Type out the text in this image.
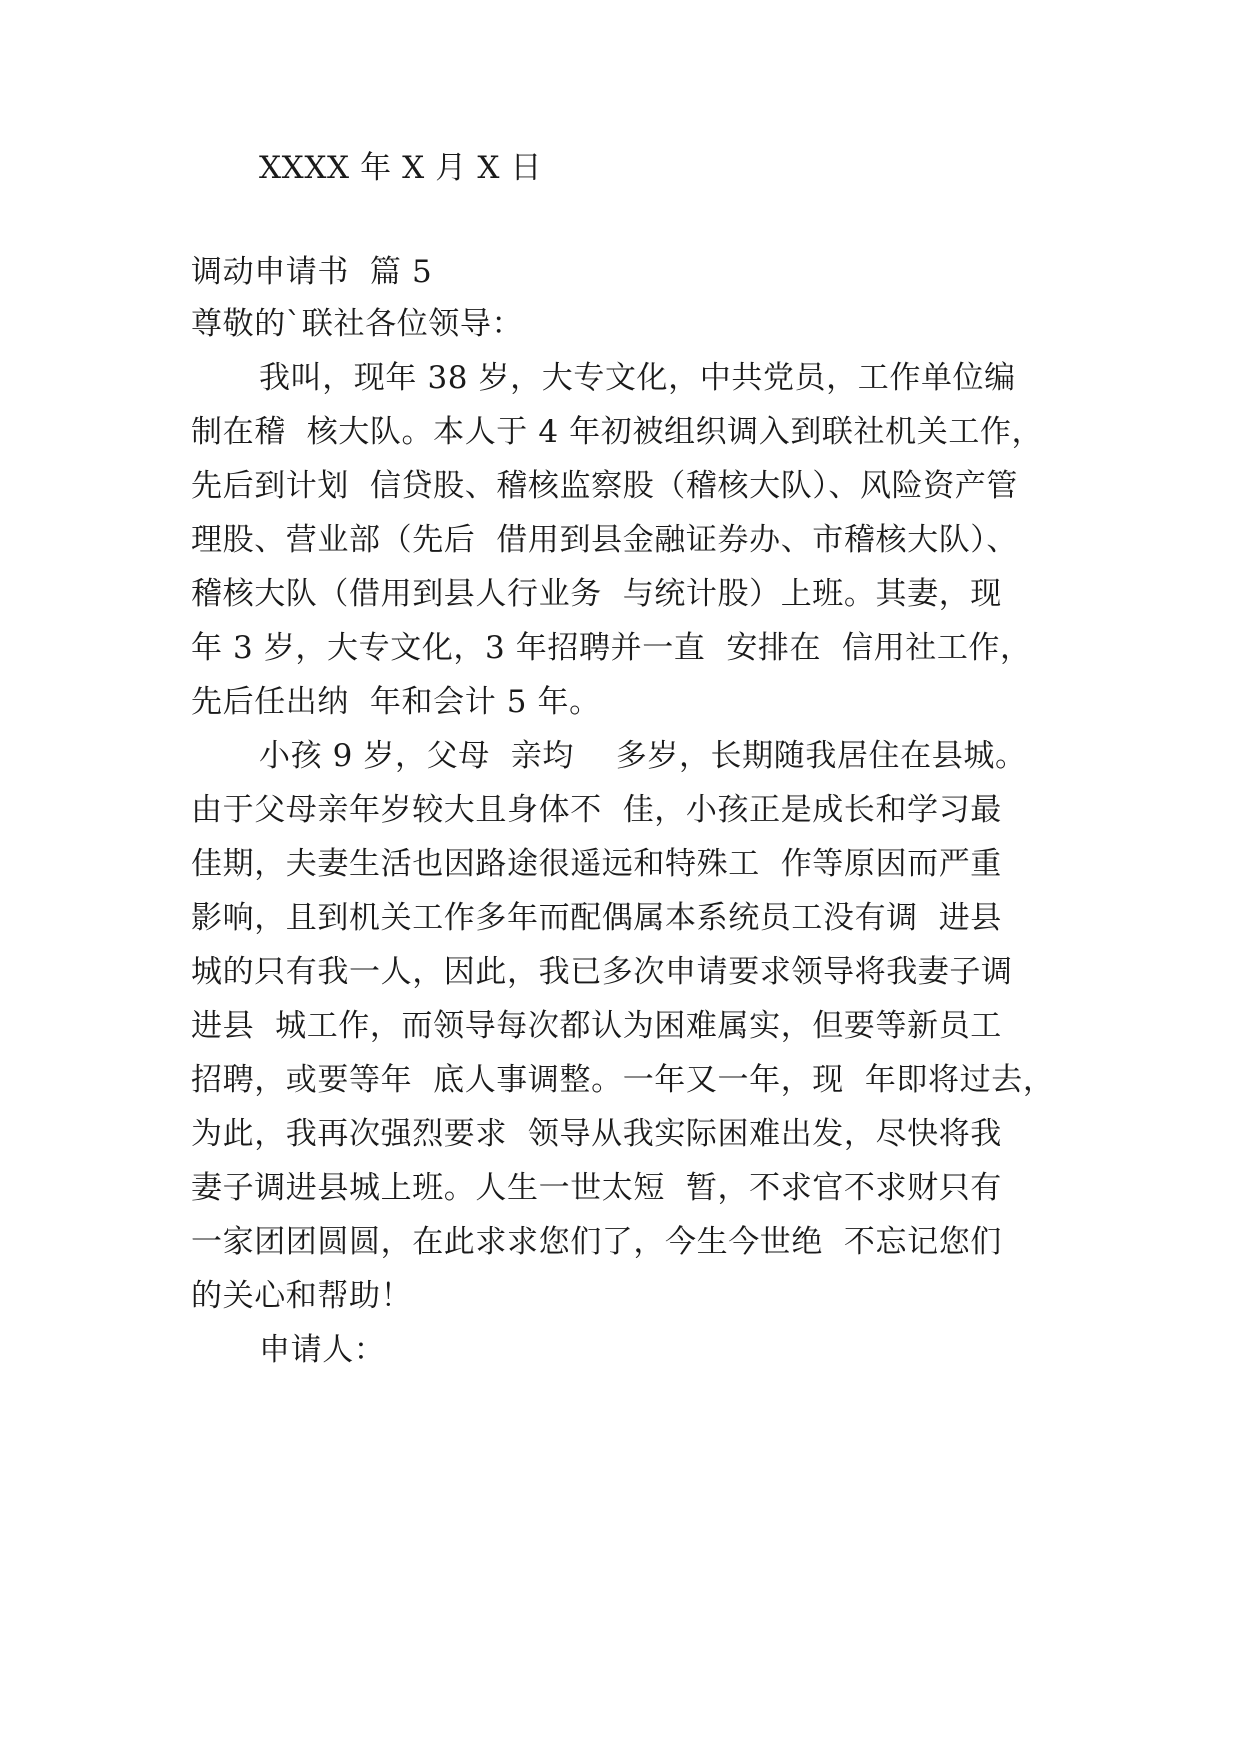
XXXX 年 X 月 X 日
调动申请书  篇 5
尊敬的`联社各位领导：
我叫，现年 38 岁，大专文化，中共党员，工作单位编
制在稽  核大队。本人于 4 年初被组织调入到联社机关工作，
先后到计划  信贷股、稽核监察股（稽核大队）、风险资产管
理股、营业部（先后  借用到县金融证券办、市稽核大队）、
稽核大队（借用到县人行业务  与统计股）上班。其妻，现
年 3 岁，大专文化，3 年招聘并一直  安排在  信用社工作，
先后任出纳  年和会计 5 年。
小孩 9 岁，父母  亲均    多岁，长期随我居住在县城。
由于父母亲年岁较大且身体不  佳，小孩正是成长和学习最
佳期，夫妻生活也因路途很遥远和特殊工  作等原因而严重
影响，且到机关工作多年而配偶属本系统员工没有调  进县
城的只有我一人，因此，我已多次申请要求领导将我妻子调
进县  城工作，而领导每次都认为困难属实，但要等新员工
招聘，或要等年  底人事调整。一年又一年，现  年即将过去，
为此，我再次强烈要求  领导从我实际困难出发，尽快将我
妻子调进县城上班。人生一世太短  暂，不求官不求财只有
一家团团圆圆，在此求求您们了，今生今世绝  不忘记您们
的关心和帮助！
申请人：
